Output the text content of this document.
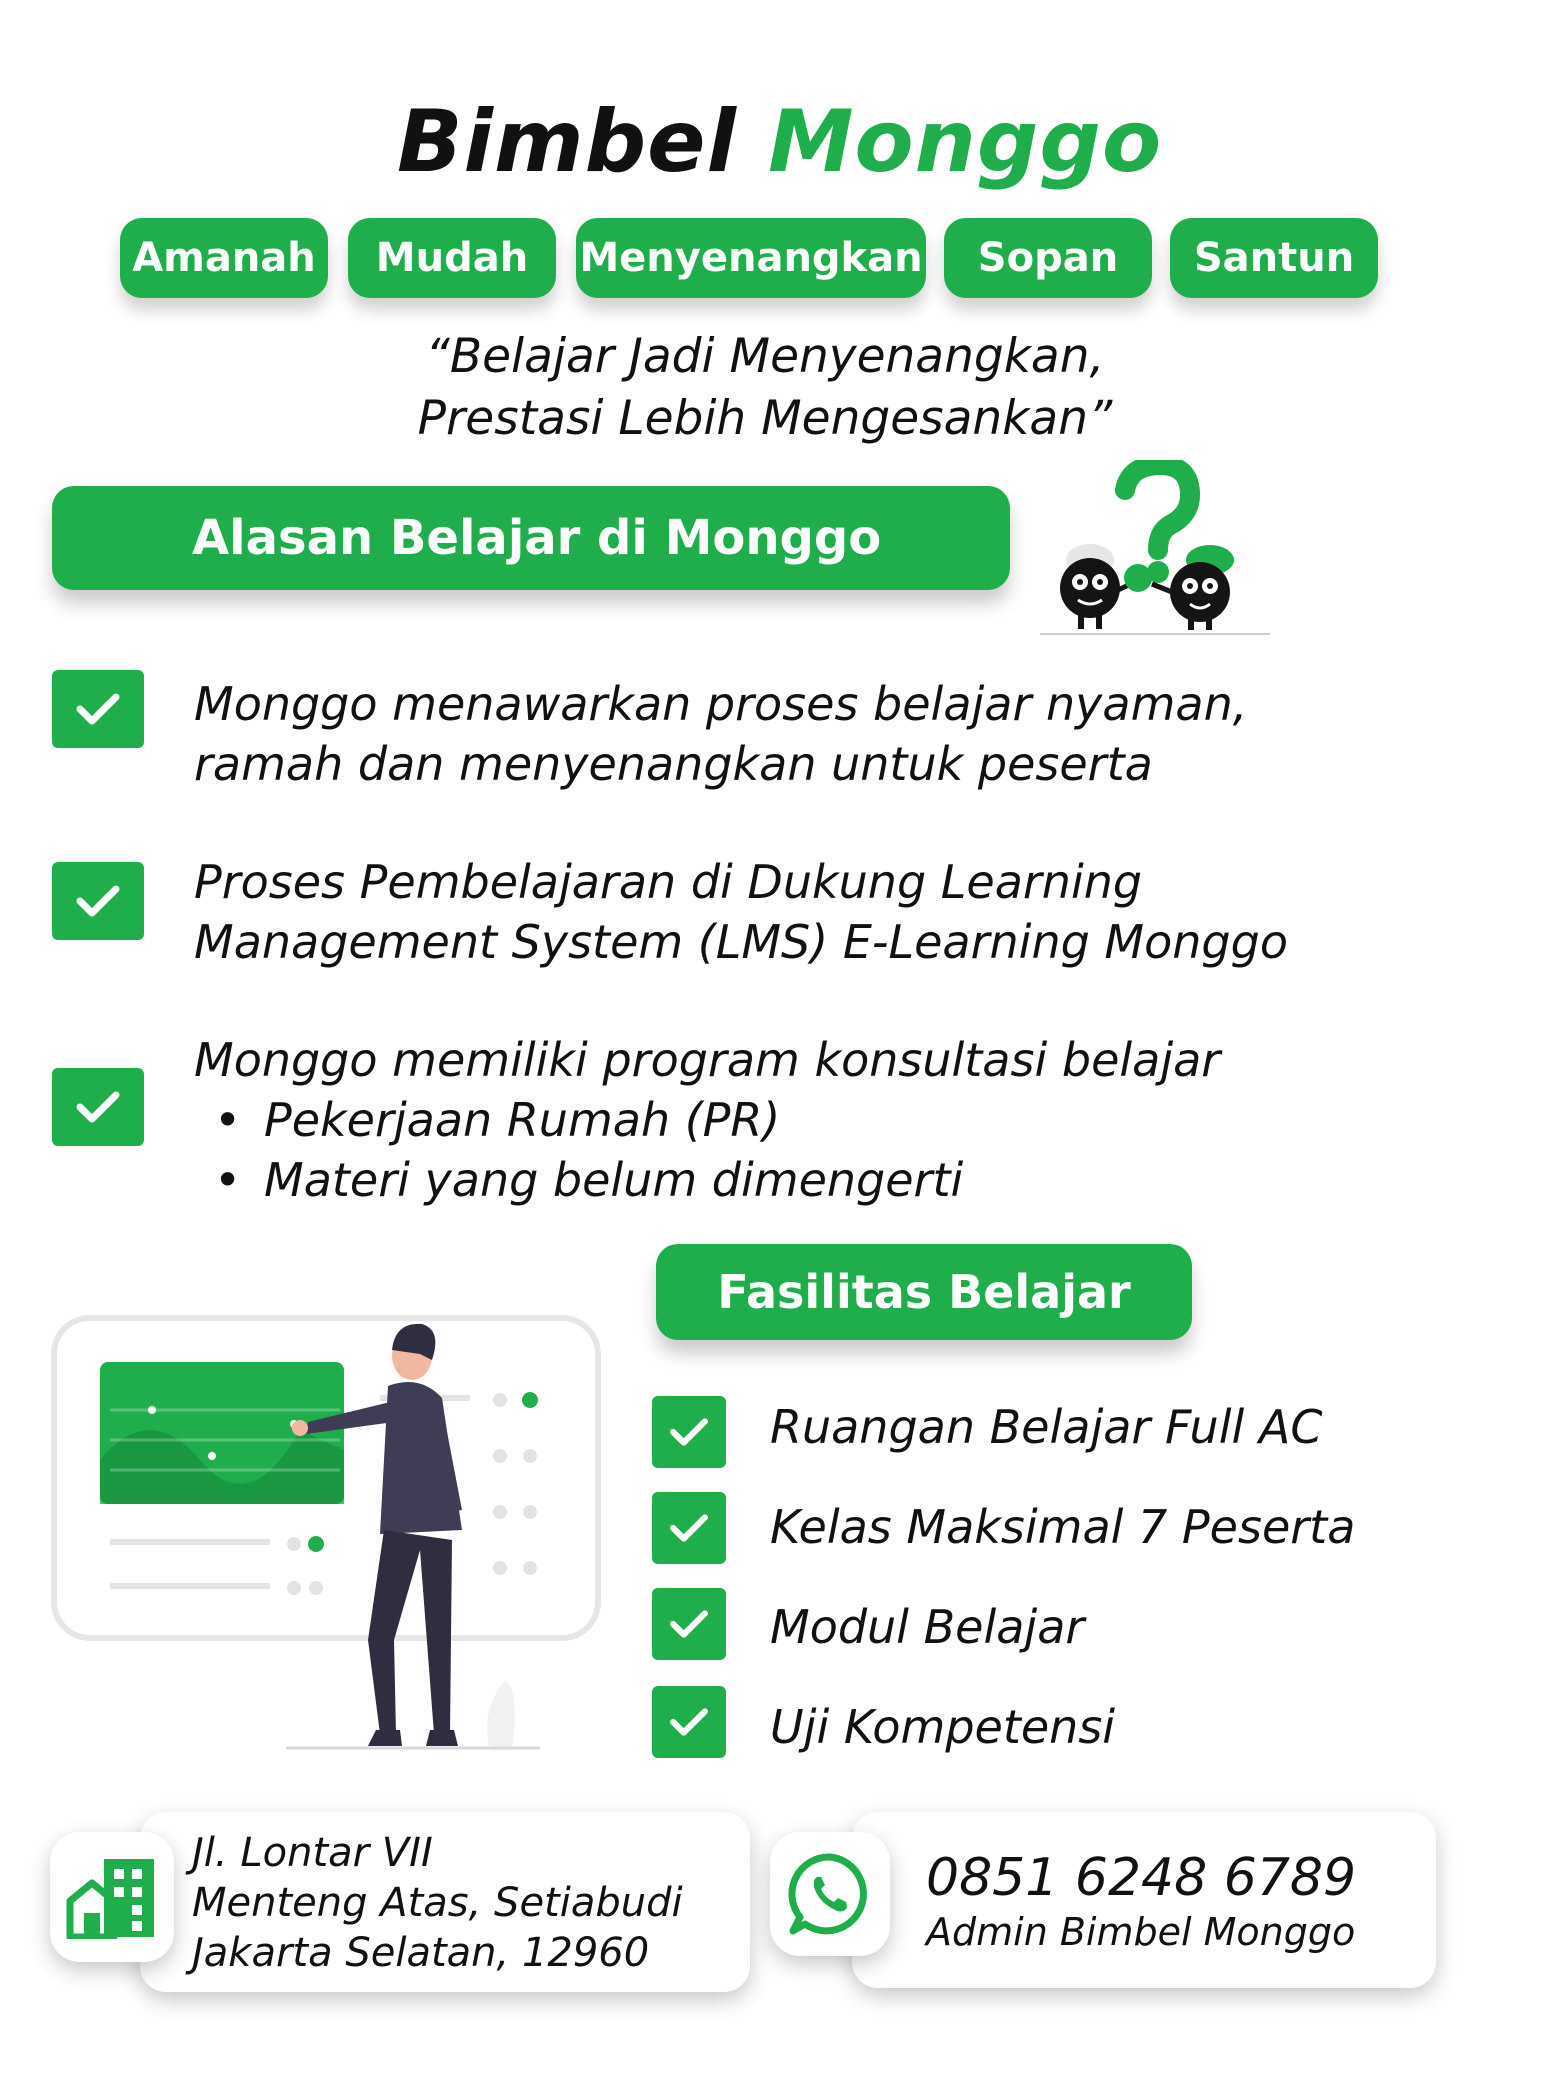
Bimbel Monggo
Amanah	Mudah	Menyenangkan	Sopan	Santun
“Belajar Jadi Menyenangkan,
Prestasi Lebih Mengesankan”
Alasan Belajar di Monggo
Monggo menawarkan proses belajar nyaman,
ramah dan menyenangkan untuk peserta
Proses Pembelajaran di Dukung Learning
Management System (LMS) E-Learning Monggo
Monggo memiliki program konsultasi belajar
• Pekerjaan Rumah (PR)
• Materi yang belum dimengerti
Fasilitas Belajar
Ruangan Belajar Full AC
Kelas Maksimal 7 Peserta
Modul Belajar
Uji Kompetensi
Jl. Lontar VII
Menteng Atas, Setiabudi
Jakarta Selatan, 12960
0851 6248 6789
Admin Bimbel Monggo
